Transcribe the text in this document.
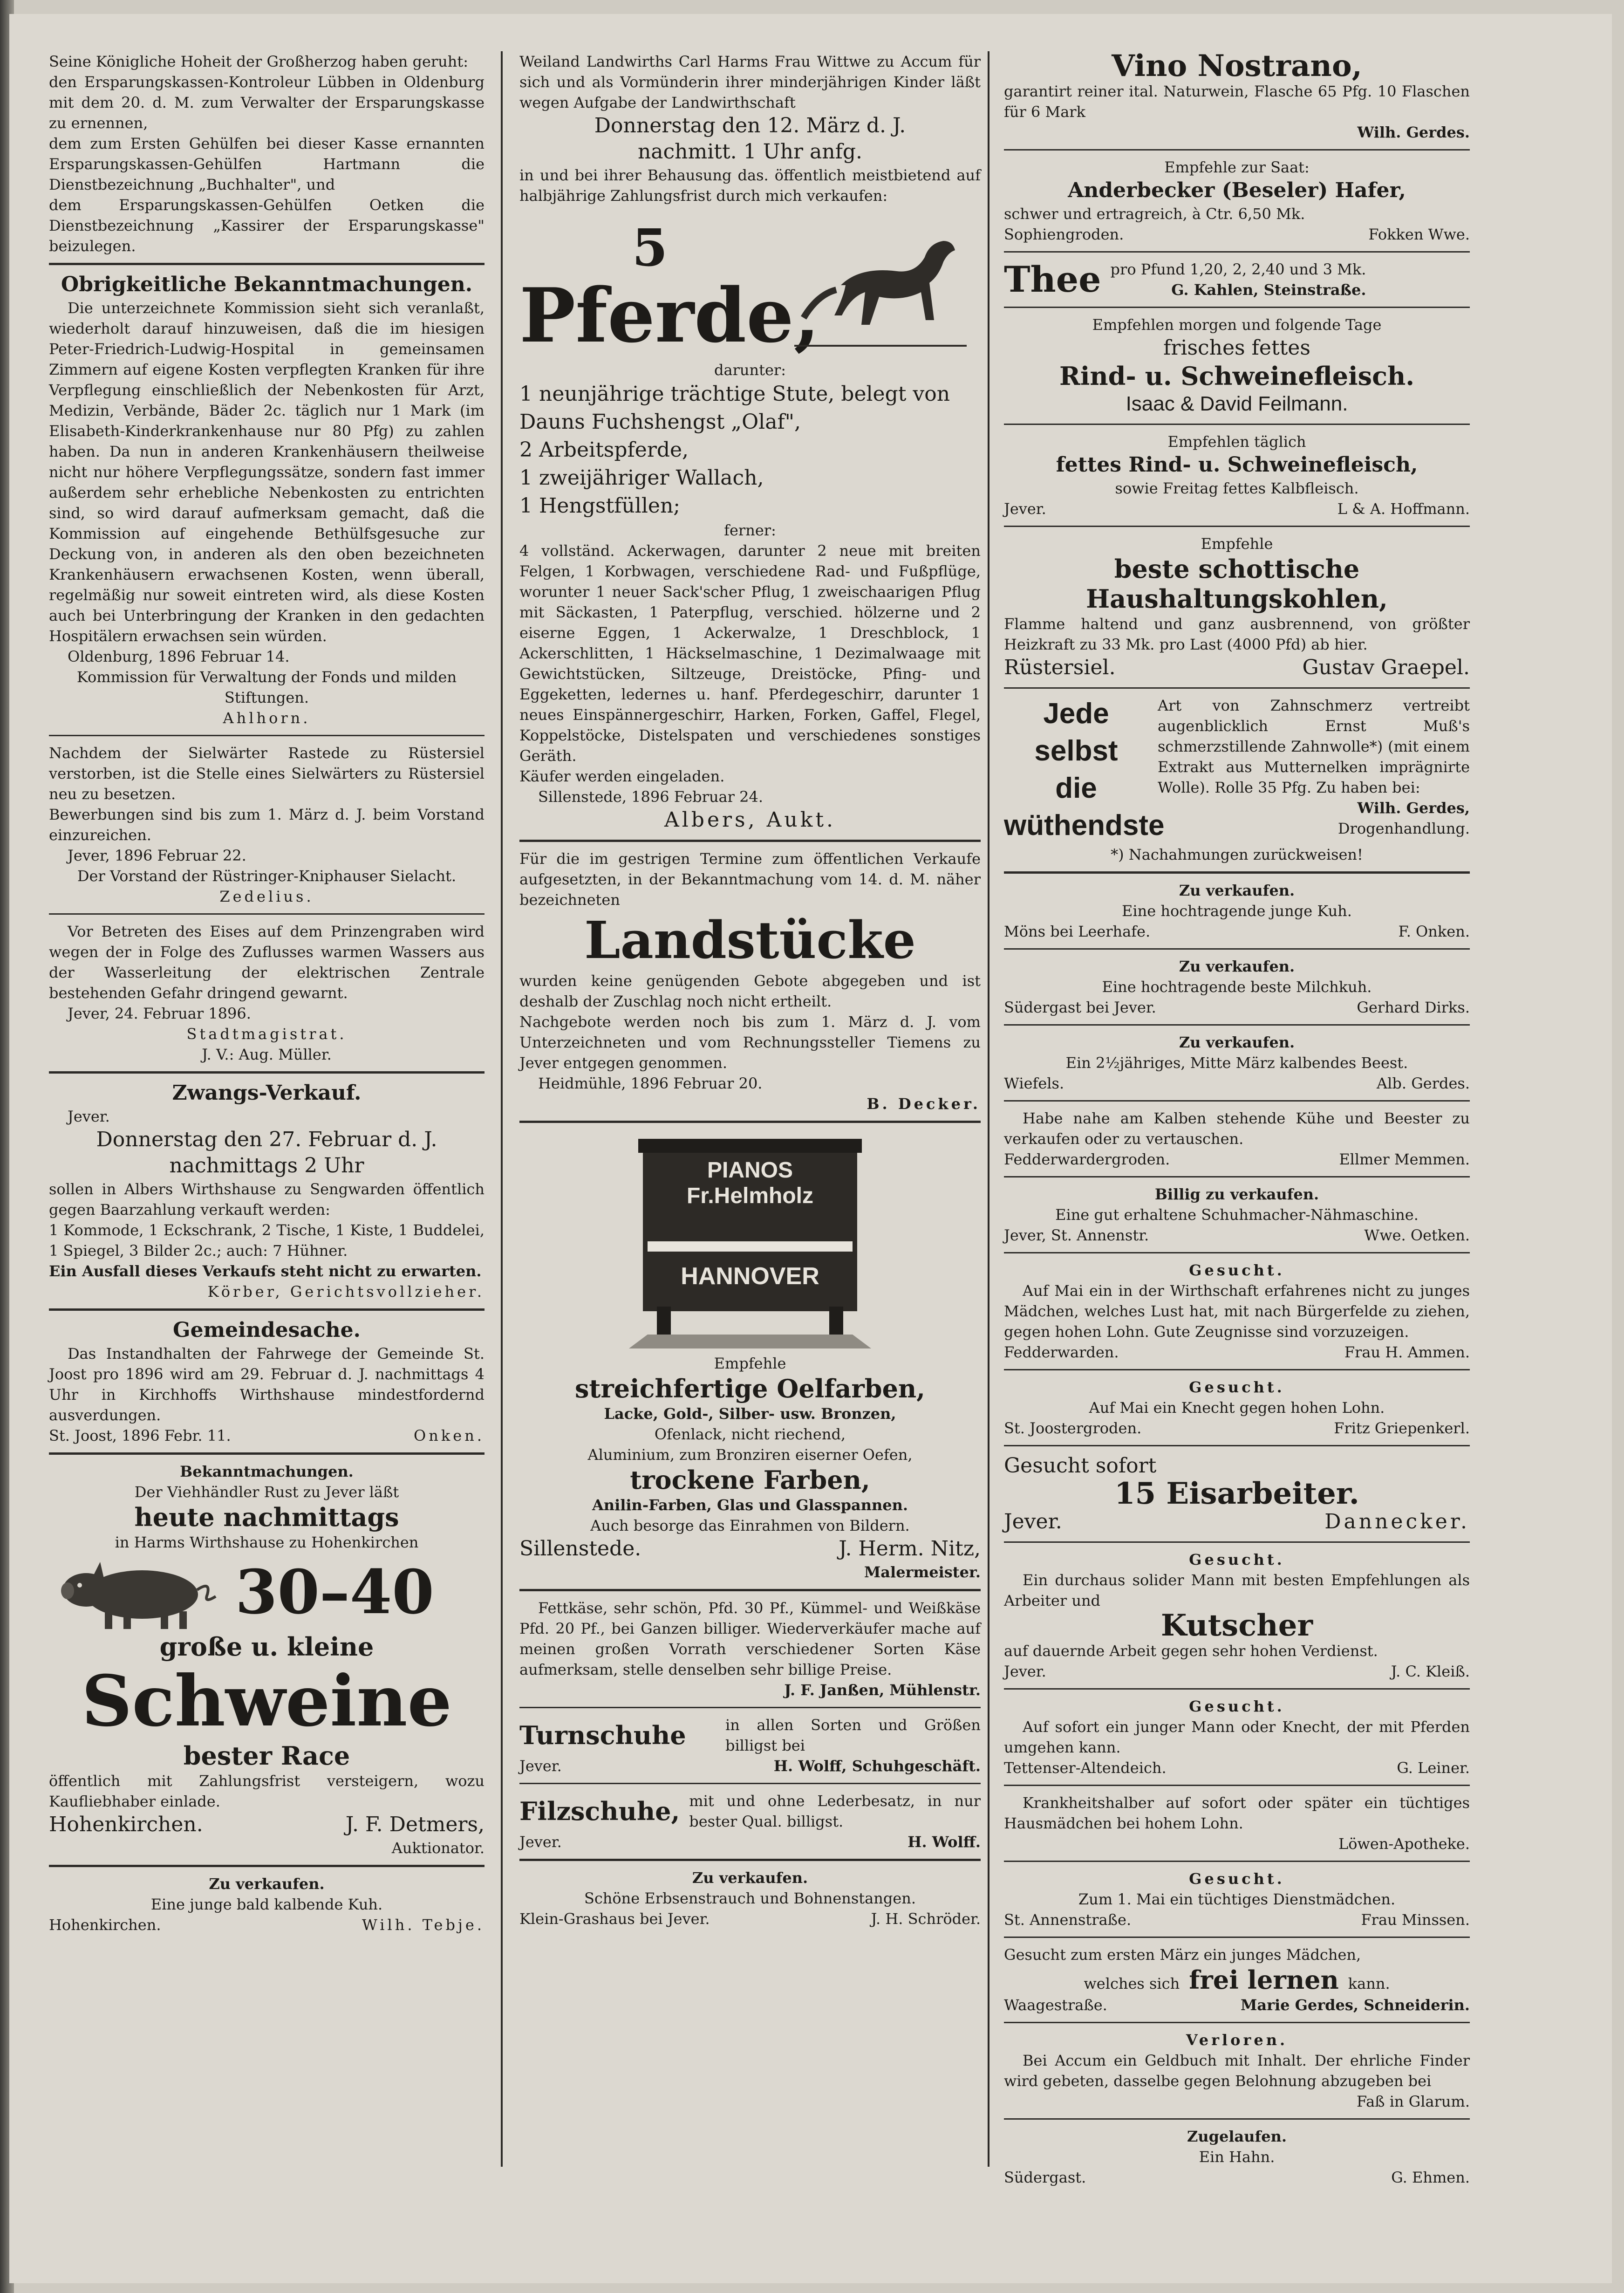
Seine Königliche Hoheit der Großherzog haben geruht:
den Ersparungskassen-Kontroleur Lübben in Oldenburg mit dem 20. d. M. zum Verwalter der Ersparungskasse zu ernennen,
dem zum Ersten Gehülfen bei dieser Kasse ernannten Ersparungskassen-Gehülfen Hartmann die Dienstbezeichnung „Buchhalter", und
dem Ersparungskassen-Gehülfen Oetken die Dienstbezeichnung „Kassirer der Ersparungskasse" beizulegen.
Obrigkeitliche Bekanntmachungen.
Die unterzeichnete Kommission sieht sich veranlaßt, wiederholt darauf hinzuweisen, daß die im hiesigen Peter-Friedrich-Ludwig-Hospital in gemeinsamen Zimmern auf eigene Kosten verpflegten Kranken für ihre Verpflegung einschließlich der Nebenkosten für Arzt, Medizin, Verbände, Bäder 2c. täglich nur 1 Mark (im Elisabeth-Kinderkrankenhause nur 80 Pfg) zu zahlen haben. Da nun in anderen Krankenhäusern theilweise nicht nur höhere Verpflegungssätze, sondern fast immer außerdem sehr erhebliche Nebenkosten zu entrichten sind, so wird darauf aufmerksam gemacht, daß die Kommission auf eingehende Bethülfsgesuche zur Deckung von, in anderen als den oben bezeichneten Krankenhäusern erwachsenen Kosten, wenn überall, regelmäßig nur soweit eintreten wird, als diese Kosten auch bei Unterbringung der Kranken in den gedachten Hospitälern erwachsen sein würden.
Oldenburg, 1896 Februar 14.
Kommission für Verwaltung der Fonds und milden Stiftungen.
Ahlhorn.
Nachdem der Sielwärter Rastede zu Rüstersiel verstorben, ist die Stelle eines Sielwärters zu Rüstersiel neu zu besetzen.
Bewerbungen sind bis zum 1. März d. J. beim Vorstand einzureichen.
Jever, 1896 Februar 22.
Der Vorstand der Rüstringer-Kniphauser Sielacht.
Zedelius.
Vor Betreten des Eises auf dem Prinzengraben wird wegen der in Folge des Zuflusses warmen Wassers aus der Wasserleitung der elektrischen Zentrale bestehenden Gefahr dringend gewarnt.
Jever, 24. Februar 1896.
Stadtmagistrat.
J. V.: Aug. Müller.
Zwangs-Verkauf.
Jever.
Donnerstag den 27. Februar d. J.
nachmittags 2 Uhr
sollen in Albers Wirthshause zu Sengwarden öffentlich gegen Baarzahlung verkauft werden:
1 Kommode, 1 Eckschrank, 2 Tische, 1 Kiste, 1 Buddelei, 1 Spiegel, 3 Bilder 2c.; auch: 7 Hühner.
Ein Ausfall dieses Verkaufs steht nicht zu erwarten.
Körber, Gerichtsvollzieher.
Gemeindesache.
Das Instandhalten der Fahrwege der Gemeinde St. Joost pro 1896 wird am 29. Februar d. J. nachmittags 4 Uhr in Kirchhoffs Wirthshause mindestfordernd ausverdungen.
St. Joost, 1896 Febr. 11.	Onken.
Bekanntmachungen.
Der Viehhändler Rust zu Jever läßt
heute nachmittags
in Harms Wirthshause zu Hohenkirchen
30–40
große u. kleine
Schweine
bester Race
öffentlich mit Zahlungsfrist versteigern, wozu Kaufliebhaber einlade.
Hohenkirchen.	J. F. Detmers,
Auktionator.
Zu verkaufen.
Eine junge bald kalbende Kuh.
Hohenkirchen.	Wilh. Tebje.
Weiland Landwirths Carl Harms Frau Wittwe zu Accum für sich und als Vormünderin ihrer minderjährigen Kinder läßt wegen Aufgabe der Landwirthschaft
Donnerstag den 12. März d. J.
nachmitt. 1 Uhr anfg.
in und bei ihrer Behausung das. öffentlich meistbietend auf halbjährige Zahlungsfrist durch mich verkaufen:
5
Pferde,
darunter:
1 neunjährige trächtige Stute, belegt von Dauns Fuchshengst „Olaf",
2 Arbeitspferde,
1 zweijähriger Wallach,
1 Hengstfüllen;
ferner:
4 vollständ. Ackerwagen, darunter 2 neue mit breiten Felgen, 1 Korbwagen, verschiedene Rad- und Fußpflüge, worunter 1 neuer Sack'scher Pflug, 1 zweischaarigen Pflug mit Säckasten, 1 Paterpflug, verschied. hölzerne und 2 eiserne Eggen, 1 Ackerwalze, 1 Dreschblock, 1 Ackerschlitten, 1 Häckselmaschine, 1 Dezimalwaage mit Gewichtstücken, Siltzeuge, Dreistöcke, Pfing- und Eggeketten, ledernes u. hanf. Pferdegeschirr, darunter 1 neues Einspännergeschirr, Harken, Forken, Gaffel, Flegel, Koppelstöcke, Distelspaten und verschiedenes sonstiges Geräth.
Käufer werden eingeladen.
Sillenstede, 1896 Februar 24.
Albers, Aukt.
Für die im gestrigen Termine zum öffentlichen Verkaufe aufgesetzten, in der Bekanntmachung vom 14. d. M. näher bezeichneten
Landstücke
wurden keine genügenden Gebote abgegeben und ist deshalb der Zuschlag noch nicht ertheilt.
Nachgebote werden noch bis zum 1. März d. J. vom Unterzeichneten und vom Rechnungssteller Tiemens zu Jever entgegen genommen.
Heidmühle, 1896 Februar 20.
B. Decker.
PIANOS
Fr.Helmholz
HANNOVER
Empfehle
streichfertige Oelfarben,
Lacke, Gold-, Silber- usw. Bronzen,
Ofenlack, nicht riechend,
Aluminium, zum Bronziren eiserner Oefen,
trockene Farben,
Anilin-Farben, Glas und Glasspannen.
Auch besorge das Einrahmen von Bildern.
Sillenstede.	J. Herm. Nitz,
Malermeister.
Fettkäse, sehr schön, Pfd. 30 Pf., Kümmel- und Weißkäse Pfd. 20 Pf., bei Ganzen billiger. Wiederverkäufer mache auf meinen großen Vorrath verschiedener Sorten Käse aufmerksam, stelle denselben sehr billige Preise.
J. F. Janßen, Mühlenstr.
Turnschuhe	in allen Sorten und Größen billigst bei
Jever.	H. Wolff, Schuhgeschäft.
Filzschuhe, mit und ohne Lederbesatz, in nur bester Qual. billigst.
Jever.	H. Wolff.
Zu verkaufen.
Schöne Erbsenstrauch und Bohnenstangen.
Klein-Grashaus bei Jever.	J. H. Schröder.
Vino Nostrano,
garantirt reiner ital. Naturwein, Flasche 65 Pfg. 10 Flaschen für 6 Mark
Wilh. Gerdes.
Empfehle zur Saat:
Anderbecker (Beseler) Hafer,
schwer und ertragreich, à Ctr. 6,50 Mk.
Sophiengroden.	Fokken Wwe.
Thee pro Pfund 1,20, 2, 2,40 und 3 Mk.
G. Kahlen, Steinstraße.
Empfehlen morgen und folgende Tage
frisches fettes
Rind- u. Schweinefleisch.
Isaac & David Feilmann.
Empfehlen täglich
fettes Rind- u. Schweinefleisch,
sowie Freitag fettes Kalbfleisch.
Jever.	L & A. Hoffmann.
Empfehle
beste schottische
Haushaltungskohlen,
Flamme haltend und ganz ausbrennend, von größter Heizkraft zu 33 Mk. pro Last (4000 Pfd) ab hier.
Rüstersiel.	Gustav Graepel.
Jede
selbst
die
wüthendste
Art von Zahnschmerz vertreibt augenblicklich Ernst Muß's schmerzstillende Zahnwolle*) (mit einem Extrakt aus Mutternelken imprägnirte Wolle). Rolle 35 Pfg. Zu haben bei:
Wilh. Gerdes,
Drogenhandlung.
*) Nachahmungen zurückweisen!
Zu verkaufen.
Eine hochtragende junge Kuh.
Möns bei Leerhafe.	F. Onken.
Zu verkaufen.
Eine hochtragende beste Milchkuh.
Südergast bei Jever.	Gerhard Dirks.
Zu verkaufen.
Ein 2½jähriges, Mitte März kalbendes Beest.
Wiefels.	Alb. Gerdes.
Habe nahe am Kalben stehende Kühe und Beester zu verkaufen oder zu vertauschen.
Fedderwardergroden.	Ellmer Memmen.
Billig zu verkaufen.
Eine gut erhaltene Schuhmacher-Nähmaschine.
Jever, St. Annenstr.	Wwe. Oetken.
Gesucht.
Auf Mai ein in der Wirthschaft erfahrenes nicht zu junges Mädchen, welches Lust hat, mit nach Bürgerfelde zu ziehen, gegen hohen Lohn. Gute Zeugnisse sind vorzuzeigen.
Fedderwarden.	Frau H. Ammen.
Gesucht.
Auf Mai ein Knecht gegen hohen Lohn.
St. Joostergroden.	Fritz Griepenkerl.
Gesucht sofort
15 Eisarbeiter.
Jever.	Dannecker.
Gesucht.
Ein durchaus solider Mann mit besten Empfehlungen als Arbeiter und
Kutscher
auf dauernde Arbeit gegen sehr hohen Verdienst.
Jever.	J. C. Kleiß.
Gesucht.
Auf sofort ein junger Mann oder Knecht, der mit Pferden umgehen kann.
Tettenser-Altendeich.	G. Leiner.
Krankheitshalber auf sofort oder später ein tüchtiges Hausmädchen bei hohem Lohn.
Löwen-Apotheke.
Gesucht.
Zum 1. Mai ein tüchtiges Dienstmädchen.
St. Annenstraße.	Frau Minssen.
Gesucht zum ersten März ein junges Mädchen,
welches sich frei lernen kann.
Waagestraße.	Marie Gerdes, Schneiderin.
Verloren.
Bei Accum ein Geldbuch mit Inhalt. Der ehrliche Finder wird gebeten, dasselbe gegen Belohnung abzugeben bei
Faß in Glarum.
Zugelaufen.
Ein Hahn.
Südergast.	G. Ehmen.
